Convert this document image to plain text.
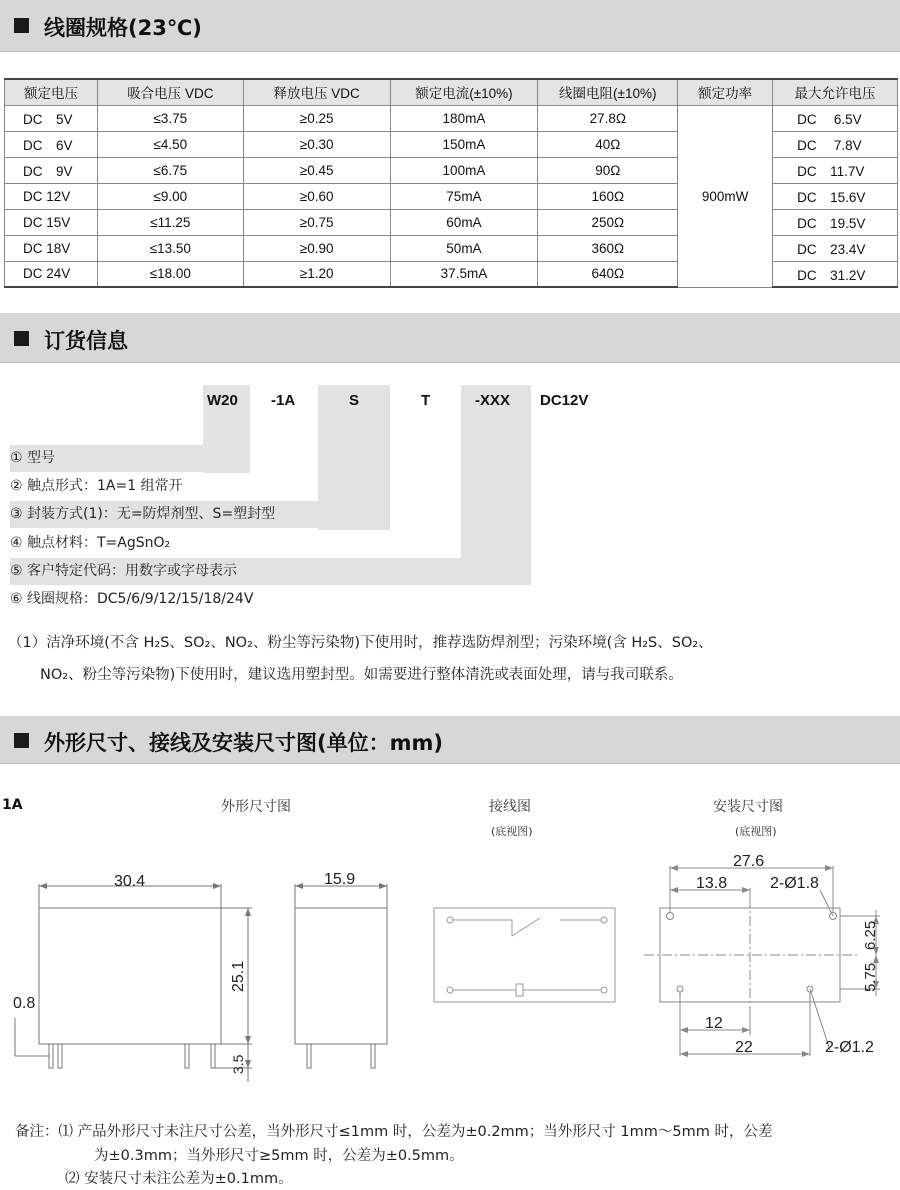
线圈规格(23℃)
额定电压	吸合电压 VDC	释放电压 VDC	额定电流(±10%)	线圈电阻(±10%)	额定功率	最大允许电压
DC　5V	≤3.75	≥0.25	180mA	27.8Ω	900mW	DC　 6.5V
DC　6V	≤4.50	≥0.30	150mA	40Ω		DC　 7.8V
DC　9V	≤6.75	≥0.45	100mA	90Ω		DC　11.7V
DC 12V	≤9.00	≥0.60	75mA	160Ω		DC　15.6V
DC 15V	≤11.25	≥0.75	60mA	250Ω		DC　19.5V
DC 18V	≤13.50	≥0.90	50mA	360Ω		DC　23.4V
DC 24V	≤18.00	≥1.20	37.5mA	640Ω		DC　31.2V
订货信息
W20 -1A	S	T	-XXX DC12V
① 型号
② 触点形式：1A=1 组常开
③ 封装方式(1)：无=防焊剂型、S=塑封型
④ 触点材料：T=AgSnO₂
⑤ 客户特定代码：用数字或字母表示
⑥ 线圈规格：DC5/6/9/12/15/18/24V
（1）洁净环境(不含 H₂S、SO₂、NO₂、粉尘等污染物)下使用时，推荐选防焊剂型；污染环境(含 H₂S、SO₂、
NO₂、粉尘等污染物)下使用时，建议选用塑封型。如需要进行整体清洗或表面处理，请与我司联系。
外形尺寸、接线及安装尺寸图(单位：mm)
1A	外形尺寸图	接线图
(底视图)
安装尺寸图
(底视图)
30.4
25.1
3.5
0.8
15.9
27.6
13.8	2-Ø1.8
6.25
5.75
12
22	2-Ø1.2
备注：⑴ 产品外形尺寸未注尺寸公差，当外形尺寸≤1mm 时，公差为±0.2mm；当外形尺寸 1mm～5mm 时，公差
为±0.3mm；当外形尺寸≥5mm 时，公差为±0.5mm。
⑵ 安装尺寸未注公差为±0.1mm。
